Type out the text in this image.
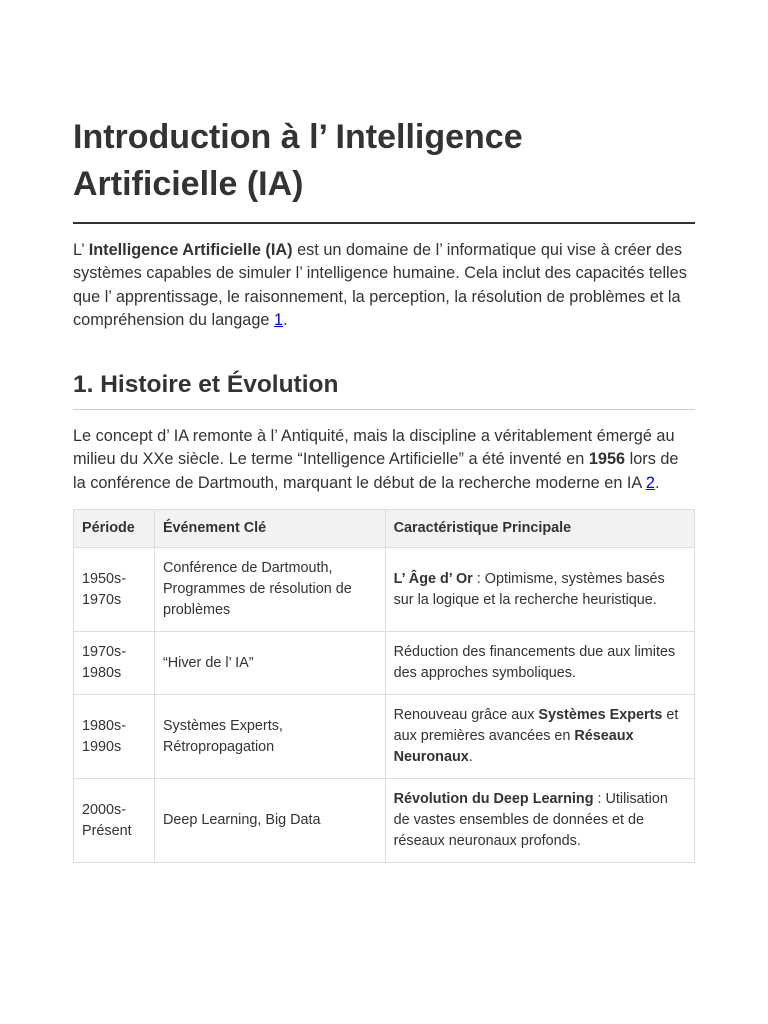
Introduction à l’ Intelligence Artificielle (IA)

L’ Intelligence Artificielle (IA) est un domaine de l’ informatique qui vise à créer des systèmes capables de simuler l’ intelligence humaine. Cela inclut des capacités telles que l’ apprentissage, le raisonnement, la perception, la résolution de problèmes et la compréhension du langage 1.

1. Histoire et Évolution

Le concept d’ IA remonte à l’ Antiquité, mais la discipline a véritablement émergé au milieu du XXe siècle. Le terme “Intelligence Artificielle” a été inventé en 1956 lors de la conférence de Dartmouth, marquant le début de la recherche moderne en IA 2.

Période	Événement Clé	Caractéristique Principale
1950s-1970s	Conférence de Dartmouth, Programmes de résolution de problèmes	L’ Âge d’ Or : Optimisme, systèmes basés sur la logique et la recherche heuristique.
1970s-1980s	“Hiver de l’ IA”	Réduction des financements due aux limites des approches symboliques.
1980s-1990s	Systèmes Experts, Rétropropagation	Renouveau grâce aux Systèmes Experts et aux premières avancées en Réseaux Neuronaux.
2000s-Présent	Deep Learning, Big Data	Révolution du Deep Learning : Utilisation de vastes ensembles de données et de réseaux neuronaux profonds.
